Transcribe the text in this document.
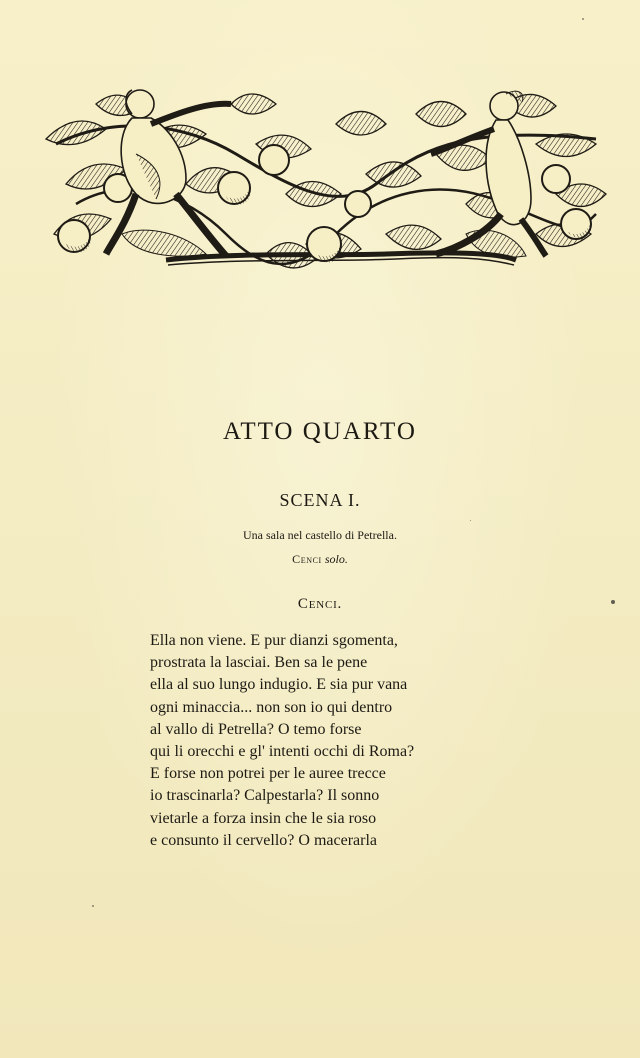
ATTO QUARTO
SCENA I.
Una sala nel castello di Petrella.
Cenci solo.
Cenci.
Ella non viene. E pur dianzi sgomenta,
prostrata la lasciai. Ben sa le pene
ella al suo lungo indugio. E sia pur vana
ogni minaccia... non son io qui dentro
al vallo di Petrella? O temo forse
qui li orecchi e gl' intenti occhi di Roma?
E forse non potrei per le auree trecce
io trascinarla? Calpestarla? Il sonno
vietarle a forza insin che le sia roso
e consunto il cervello? O macerarla
